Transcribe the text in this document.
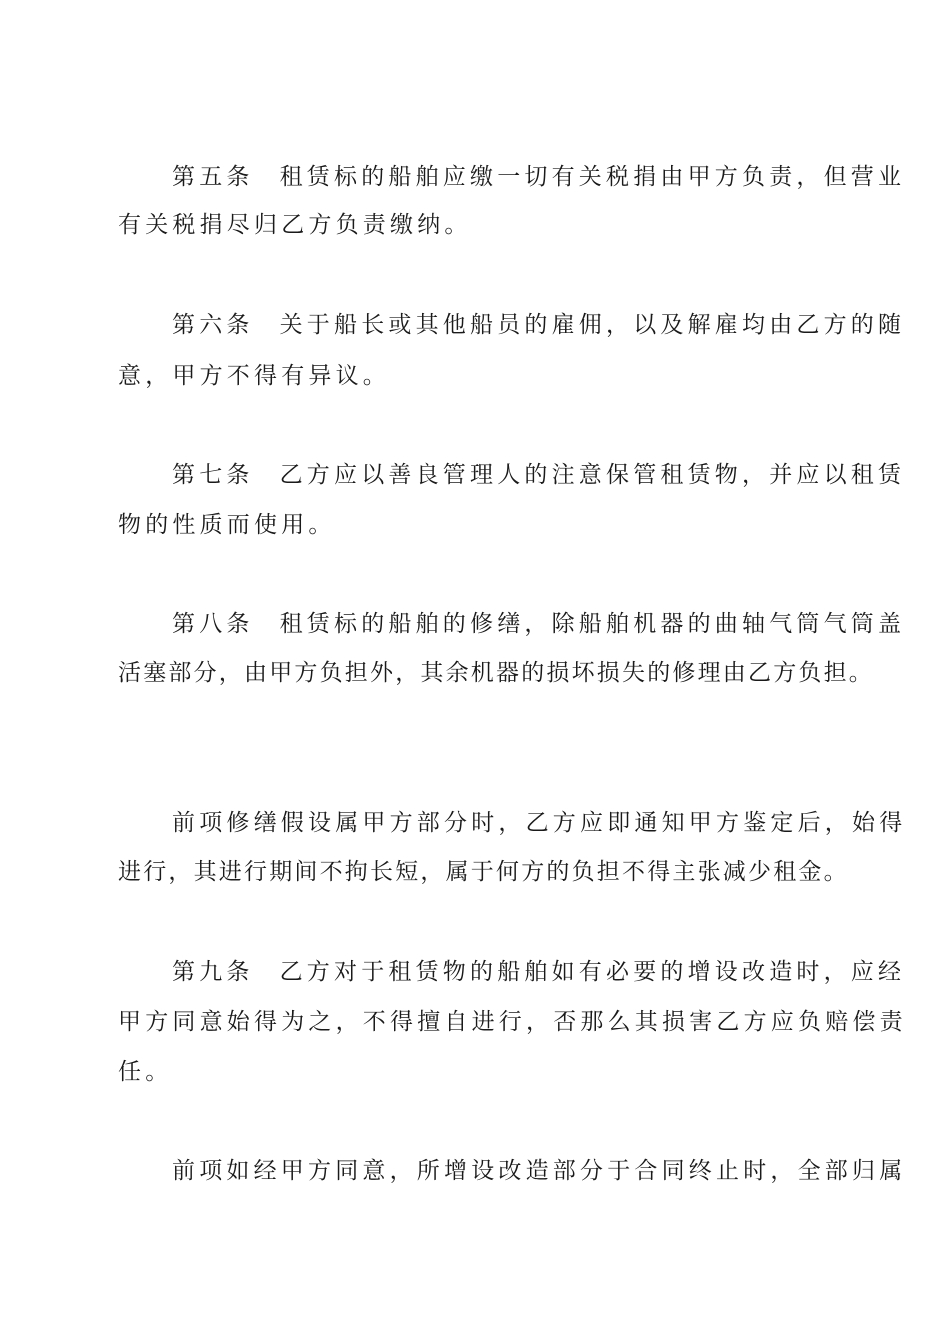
第五条 租赁标的船舶应缴一切有关税捐由甲方负责，但营业
有关税捐尽归乙方负责缴纳。
第六条 关于船长或其他船员的雇佣，以及解雇均由乙方的随
意，甲方不得有异议。
第七条 乙方应以善良管理人的注意保管租赁物，并应以租赁
物的性质而使用。
第八条 租赁标的船舶的修缮，除船舶机器的曲轴气筒气筒盖
活塞部分，由甲方负担外，其余机器的损坏损失的修理由乙方负担。
前项修缮假设属甲方部分时，乙方应即通知甲方鉴定后，始得
进行，其进行期间不拘长短，属于何方的负担不得主张减少租金。
第九条 乙方对于租赁物的船舶如有必要的增设改造时，应经
甲方同意始得为之，不得擅自进行，否那么其损害乙方应负赔偿责
任。
前项如经甲方同意，所增设改造部分于合同终止时，全部归属
